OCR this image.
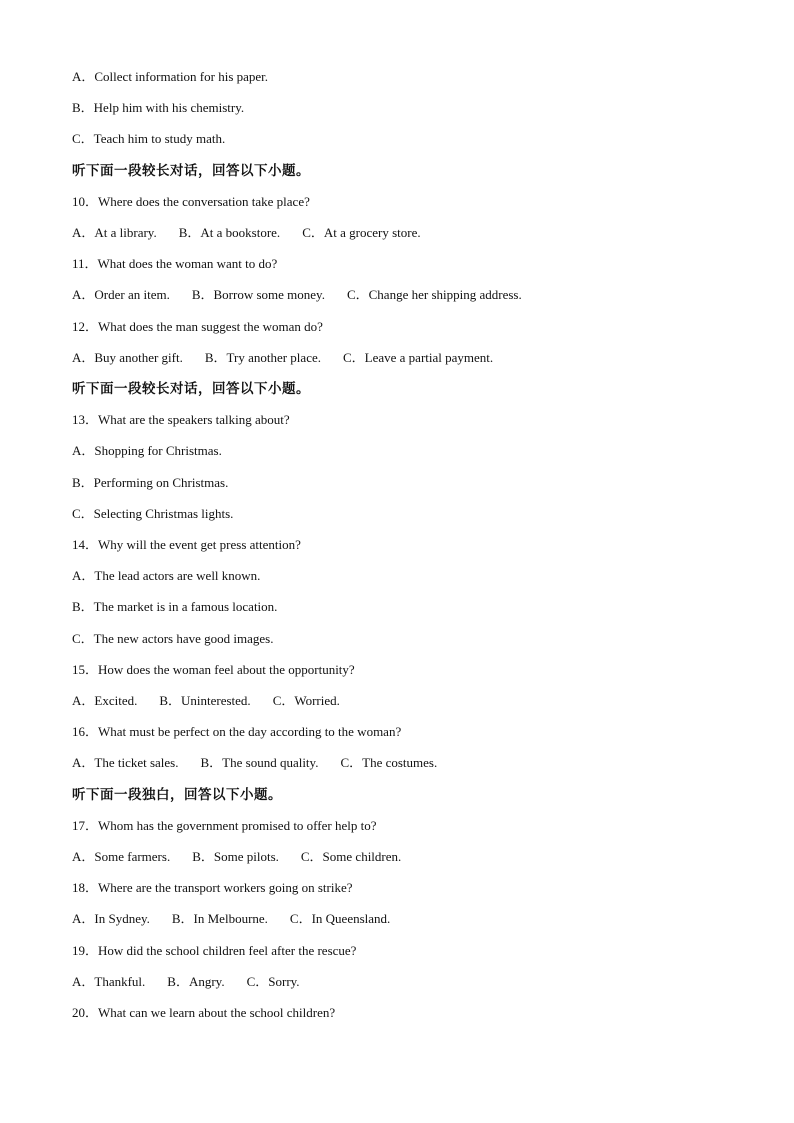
A．Collect information for his paper.
B．Help him with his chemistry.
C．Teach him to study math.
听下面一段较长对话，回答以下小题。
10．Where does the conversation take place?
A．At a library. B．At a bookstore. C．At a grocery store.
11．What does the woman want to do?
A．Order an item. B．Borrow some money. C．Change her shipping address.
12．What does the man suggest the woman do?
A．Buy another gift. B．Try another place. C．Leave a partial payment.
听下面一段较长对话，回答以下小题。
13．What are the speakers talking about?
A．Shopping for Christmas.
B．Performing on Christmas.
C．Selecting Christmas lights.
14．Why will the event get press attention?
A．The lead actors are well known.
B．The market is in a famous location.
C．The new actors have good images.
15．How does the woman feel about the opportunity?
A．Excited. B．Uninterested. C．Worried.
16．What must be perfect on the day according to the woman?
A．The ticket sales. B．The sound quality. C．The costumes.
听下面一段独白，回答以下小题。
17．Whom has the government promised to offer help to?
A．Some farmers. B．Some pilots. C．Some children.
18．Where are the transport workers going on strike?
A．In Sydney. B．In Melbourne. C．In Queensland.
19．How did the school children feel after the rescue?
A．Thankful. B．Angry. C．Sorry.
20．What can we learn about the school children?
